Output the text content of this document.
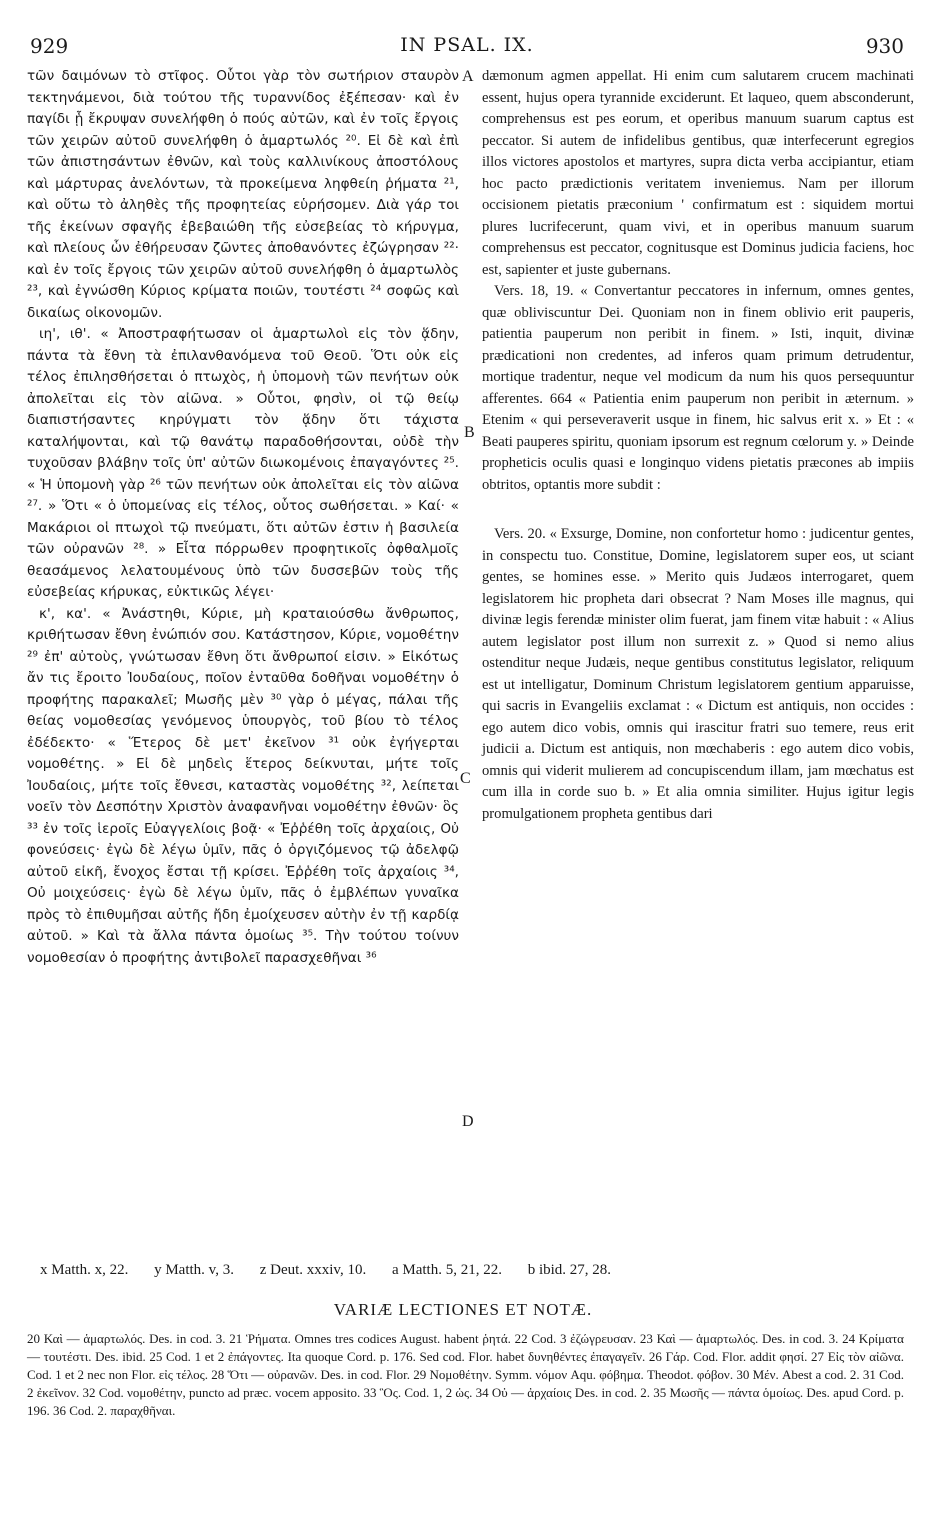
929	IN PSAL. IX.	930

τῶν δαιμόνων τὸ στῖφος. Οὗτοι γὰρ τὸν σωτήριον σταυρὸν τεκτηνάμενοι, διὰ τούτου τῆς τυραννίδος ἐξέπεσαν· καὶ ἐν παγίδι ᾗ ἔκρυψαν συνελήφθη ὁ πούς αὐτῶν, καὶ ἐν τοῖς ἔργοις τῶν χειρῶν αὐτοῦ συνελήφθη ὁ ἁμαρτωλός ²⁰. Εἰ δὲ καὶ ἐπὶ τῶν ἀπιστησάντων ἐθνῶν, καὶ τοὺς καλλινίκους ἀποστόλους καὶ μάρτυρας ἀνελόντων, τὰ προκείμενα ληφθείη ῥήματα ²¹, καὶ οὕτω τὸ ἀληθὲς τῆς προφητείας εὑρήσομεν. Διὰ γάρ τοι τῆς ἐκείνων σφαγῆς ἐβεβαιώθη τῆς εὐσεβείας τὸ κήρυγμα, καὶ πλείους ὧν ἐθήρευσαν ζῶντες ἀποθανόντες ἐζώγρησαν ²²· καὶ ἐν τοῖς ἔργοις τῶν χειρῶν αὐτοῦ συνελήφθη ὁ ἁμαρτωλὸς ²³, καὶ ἐγνώσθη Κύριος κρίματα ποιῶν, τουτέστι ²⁴ σοφῶς καὶ δικαίως οἰκονομῶν.

ιη', ιθ'. « Ἀποστραφήτωσαν οἱ ἁμαρτωλοὶ εἰς τὸν ᾅδην, πάντα τὰ ἔθνη τὰ ἐπιλανθανόμενα τοῦ Θεοῦ. Ὅτι οὐκ εἰς τέλος ἐπιλησθήσεται ὁ πτωχὸς, ἡ ὑπομονὴ τῶν πενήτων οὐκ ἀπολεῖται εἰς τὸν αἰῶνα. » Οὗτοι, φησὶν, οἱ τῷ θείῳ διαπιστήσαντες κηρύγματι τὸν ᾅδην ὅτι τάχιστα καταλήψονται, καὶ τῷ θανάτῳ παραδοθήσονται, οὐδὲ τὴν τυχοῦσαν βλάβην τοῖς ὑπ' αὐτῶν διωκομένοις ἐπαγαγόντες ²⁵. « Ἡ ὑπομονὴ γὰρ ²⁶ τῶν πενήτων οὐκ ἀπολεῖται εἰς τὸν αἰῶνα ²⁷. » Ὅτι « ὁ ὑπομείνας εἰς τέλος, οὗτος σωθήσεται. » Καί· « Μακάριοι οἱ πτωχοὶ τῷ πνεύματι, ὅτι αὐτῶν ἐστιν ἡ βασιλεία τῶν οὐρανῶν ²⁸. » Εἶτα πόρρωθεν προφητικοῖς ὀφθαλμοῖς θεασάμενος λελατουμένους ὑπὸ τῶν δυσσεβῶν τοὺς τῆς εὐσεβείας κήρυκας, εὐκτικῶς λέγει·

κ', κα'. « Ἀνάστηθι, Κύριε, μὴ κραταιούσθω ἄνθρωπος, κριθήτωσαν ἔθνη ἐνώπιόν σου. Κατάστησον, Κύριε, νομοθέτην ²⁹ ἐπ' αὐτοὺς, γνώτωσαν ἔθνη ὅτι ἄνθρωποί εἰσιν. » Εἰκότως ἄν τις ἔροιτο Ἰουδαίους, ποῖον ἐνταῦθα δοθῆναι νομοθέτην ὁ προφήτης παρακαλεῖ; Μωσῆς μὲν ³⁰ γὰρ ὁ μέγας, πάλαι τῆς θείας νομοθεσίας γενόμενος ὑπουργὸς, τοῦ βίου τὸ τέλος ἐδέδεκτο· « Ἕτερος δὲ μετ' ἐκεῖνον ³¹ οὐκ ἐγήγερται νομοθέτης. » Εἰ δὲ μηδεὶς ἕτερος δείκνυται, μήτε τοῖς Ἰουδαίοις, μήτε τοῖς ἔθνεσι, καταστὰς νομοθέτης ³², λείπεται νοεῖν τὸν Δεσπότην Χριστὸν ἀναφανῆναι νομοθέτην ἐθνῶν· ὃς ³³ ἐν τοῖς ἱεροῖς Εὐαγγελίοις βοᾷ· « Ἐῤῥέθη τοῖς ἀρχαίοις, Οὐ φονεύσεις· ἐγὼ δὲ λέγω ὑμῖν, πᾶς ὁ ὀργιζόμενος τῷ ἀδελφῷ αὐτοῦ εἰκῆ, ἔνοχος ἔσται τῇ κρίσει. Ἐῤῥέθη τοῖς ἀρχαίοις ³⁴, Οὐ μοιχεύσεις· ἐγὼ δὲ λέγω ὑμῖν, πᾶς ὁ ἐμβλέπων γυναῖκα πρὸς τὸ ἐπιθυμῆσαι αὐτῆς ἤδη ἐμοίχευσεν αὐτὴν ἐν τῇ καρδίᾳ αὐτοῦ. » Καὶ τὰ ἄλλα πάντα ὁμοίως ³⁵. Τὴν τούτου τοίνυν νομοθεσίαν ὁ προφήτης ἀντιβολεῖ παρασχεθῆναι ³⁶

A
B
C
D

dæmonum agmen appellat. Hi enim cum salutarem crucem machinati essent, hujus opera tyrannide exciderunt. Et laqueo, quem absconderunt, comprehensus est pes eorum, et operibus manuum suarum captus est peccator. Si autem de infidelibus gentibus, quæ interfecerunt egregios illos victores apostolos et martyres, supra dicta verba accipiantur, etiam hoc pacto prædictionis veritatem inveniemus. Nam per illorum occisionem pietatis præconium ' confirmatum est : siquidem mortui plures lucrifecerunt, quam vivi, et in operibus manuum suarum comprehensus est peccator, cognitusque est Dominus judicia faciens, hoc est, sapienter et juste gubernans.

Vers. 18, 19. « Convertantur peccatores in infernum, omnes gentes, quæ obliviscuntur Dei. Quoniam non in finem oblivio erit pauperis, patientia pauperum non peribit in finem. » Isti, inquit, divinæ prædicationi non credentes, ad inferos quam primum detrudentur, mortique tradentur, neque vel modicum da num his quos persequuntur afferentes. 664 « Patientia enim pauperum non peribit in æternum. » Etenim « qui perseveraverit usque in finem, hic salvus erit x. » Et : « Beati pauperes spiritu, quoniam ipsorum est regnum cœlorum y. » Deinde propheticis oculis quasi e longinquo videns pietatis præcones ab impiis obtritos, optantis more subdit :

Vers. 20. « Exsurge, Domine, non confortetur homo : judicentur gentes, in conspectu tuo. Constitue, Domine, legislatorem super eos, ut sciant gentes, se homines esse. » Merito quis Judæos interrogaret, quem legislatorem hic propheta dari obsecrat ? Nam Moses ille magnus, qui divinæ legis ferendæ minister olim fuerat, jam finem vitæ habuit : « Alius autem legislator post illum non surrexit z. » Quod si nemo alius ostenditur neque Judæis, neque gentibus constitutus legislator, reliquum est ut intelligatur, Dominum Christum legislatorem gentium apparuisse, qui sacris in Evangeliis exclamat : « Dictum est antiquis, non occides : ego autem dico vobis, omnis qui irascitur fratri suo temere, reus erit judicii a. Dictum est antiquis, non mœchaberis : ego autem dico vobis, omnis qui viderit mulierem ad concupiscendum illam, jam mœchatus est cum illa in corde suo b. » Et alia omnia similiter. Hujus igitur legis promulgationem propheta gentibus dari

x Matth. x, 22. y Matth. v, 3. z Deut. xxxiv, 10. a Matth. 5, 21, 22. b ibid. 27, 28.
VARIÆ LECTIONES ET NOTÆ.
20 Καὶ — ἁμαρτωλός. Des. in cod. 3. 21 Ῥήματα. Omnes tres codices August. habent ῥητά. 22 Cod. 3 ἐζώγρευσαν. 23 Καὶ — ἁμαρτωλός. Des. in cod. 3. 24 Κρίματα — τουτέστι. Des. ibid. 25 Cod. 1 et 2 ἐπάγοντες. Ita quoque Cord. p. 176. Sed cod. Flor. habet δυνηθέντες ἐπαγαγεῖν. 26 Γάρ. Cod. Flor. addit φησί. 27 Εἰς τὸν αἰῶνα. Cod. 1 et 2 nec non Flor. εἰς τέλος. 28 Ὅτι — οὐρανῶν. Des. in cod. Flor. 29 Νομοθέτην. Symm. νόμον Aqu. φόβημα. Theodot. φόβον. 30 Μέν. Abest a cod. 2. 31 Cod. 2 ἐκεῖνον. 32 Cod. νομοθέτην, puncto ad præc. vocem apposito. 33 Ὃς. Cod. 1, 2 ὡς. 34 Οὐ — ἀρχαίοις Des. in cod. 2. 35 Μωσῆς — πάντα ὁμοίως. Des. apud Cord. p. 196. 36 Cod. 2. παραχθῆναι.
